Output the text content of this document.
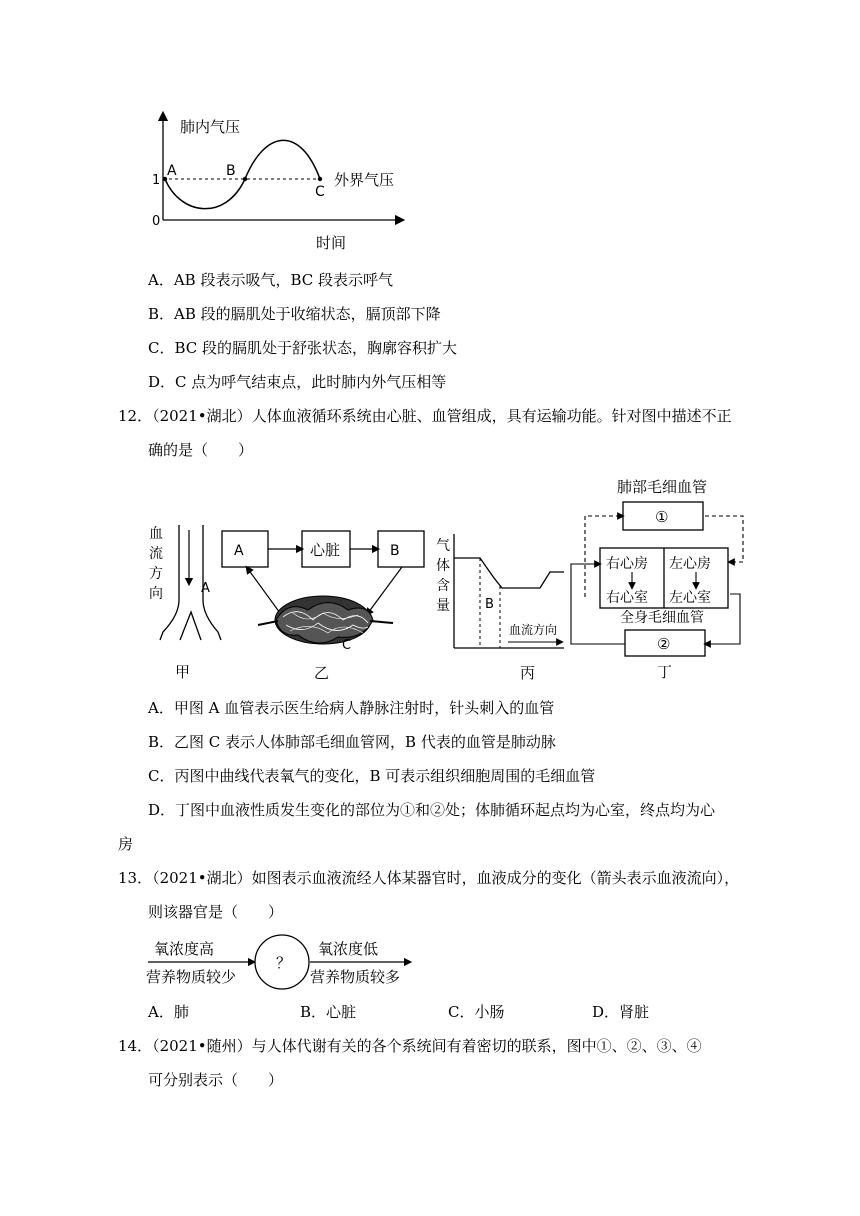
肺内气压
1
0
A	B
C
外界气压
时间
A．AB 段表示吸气，BC 段表示呼气
B．AB 段的膈肌处于收缩状态，膈顶部下降
C．BC 段的膈肌处于舒张状态，胸廓容积扩大
D．C 点为呼气结束点，此时肺内外气压相等
12．（2021•湖北）人体血液循环系统由心脏、血管组成，具有运输功能。针对图中描述不正
确的是（　　）
血
流
方
向	A
甲
A	心脏	B
C
乙
气
体
含
量	B
血流方向
丙
肺部毛细血管
①
右心房 左心房
右心室 左心室
全身毛细血管
②
丁
A．甲图 A 血管表示医生给病人静脉注射时，针头刺入的血管
B．乙图 C 表示人体肺部毛细血管网，B 代表的血管是肺动脉
C．丙图中曲线代表氧气的变化，B 可表示组织细胞周围的毛细血管
D．丁图中血液性质发生变化的部位为①和②处；体肺循环起点均为心室，终点均为心
房
13．（2021•湖北）如图表示血液流经人体某器官时，血液成分的变化（箭头表示血液流向），
则该器官是（　　）
氧浓度高
营养物质较少
？
氧浓度低
营养物质较多
A．肺	B．心脏	C．小肠	D．肾脏
14．（2021•随州）与人体代谢有关的各个系统间有着密切的联系，图中①、②、③、④
可分别表示（　　）
